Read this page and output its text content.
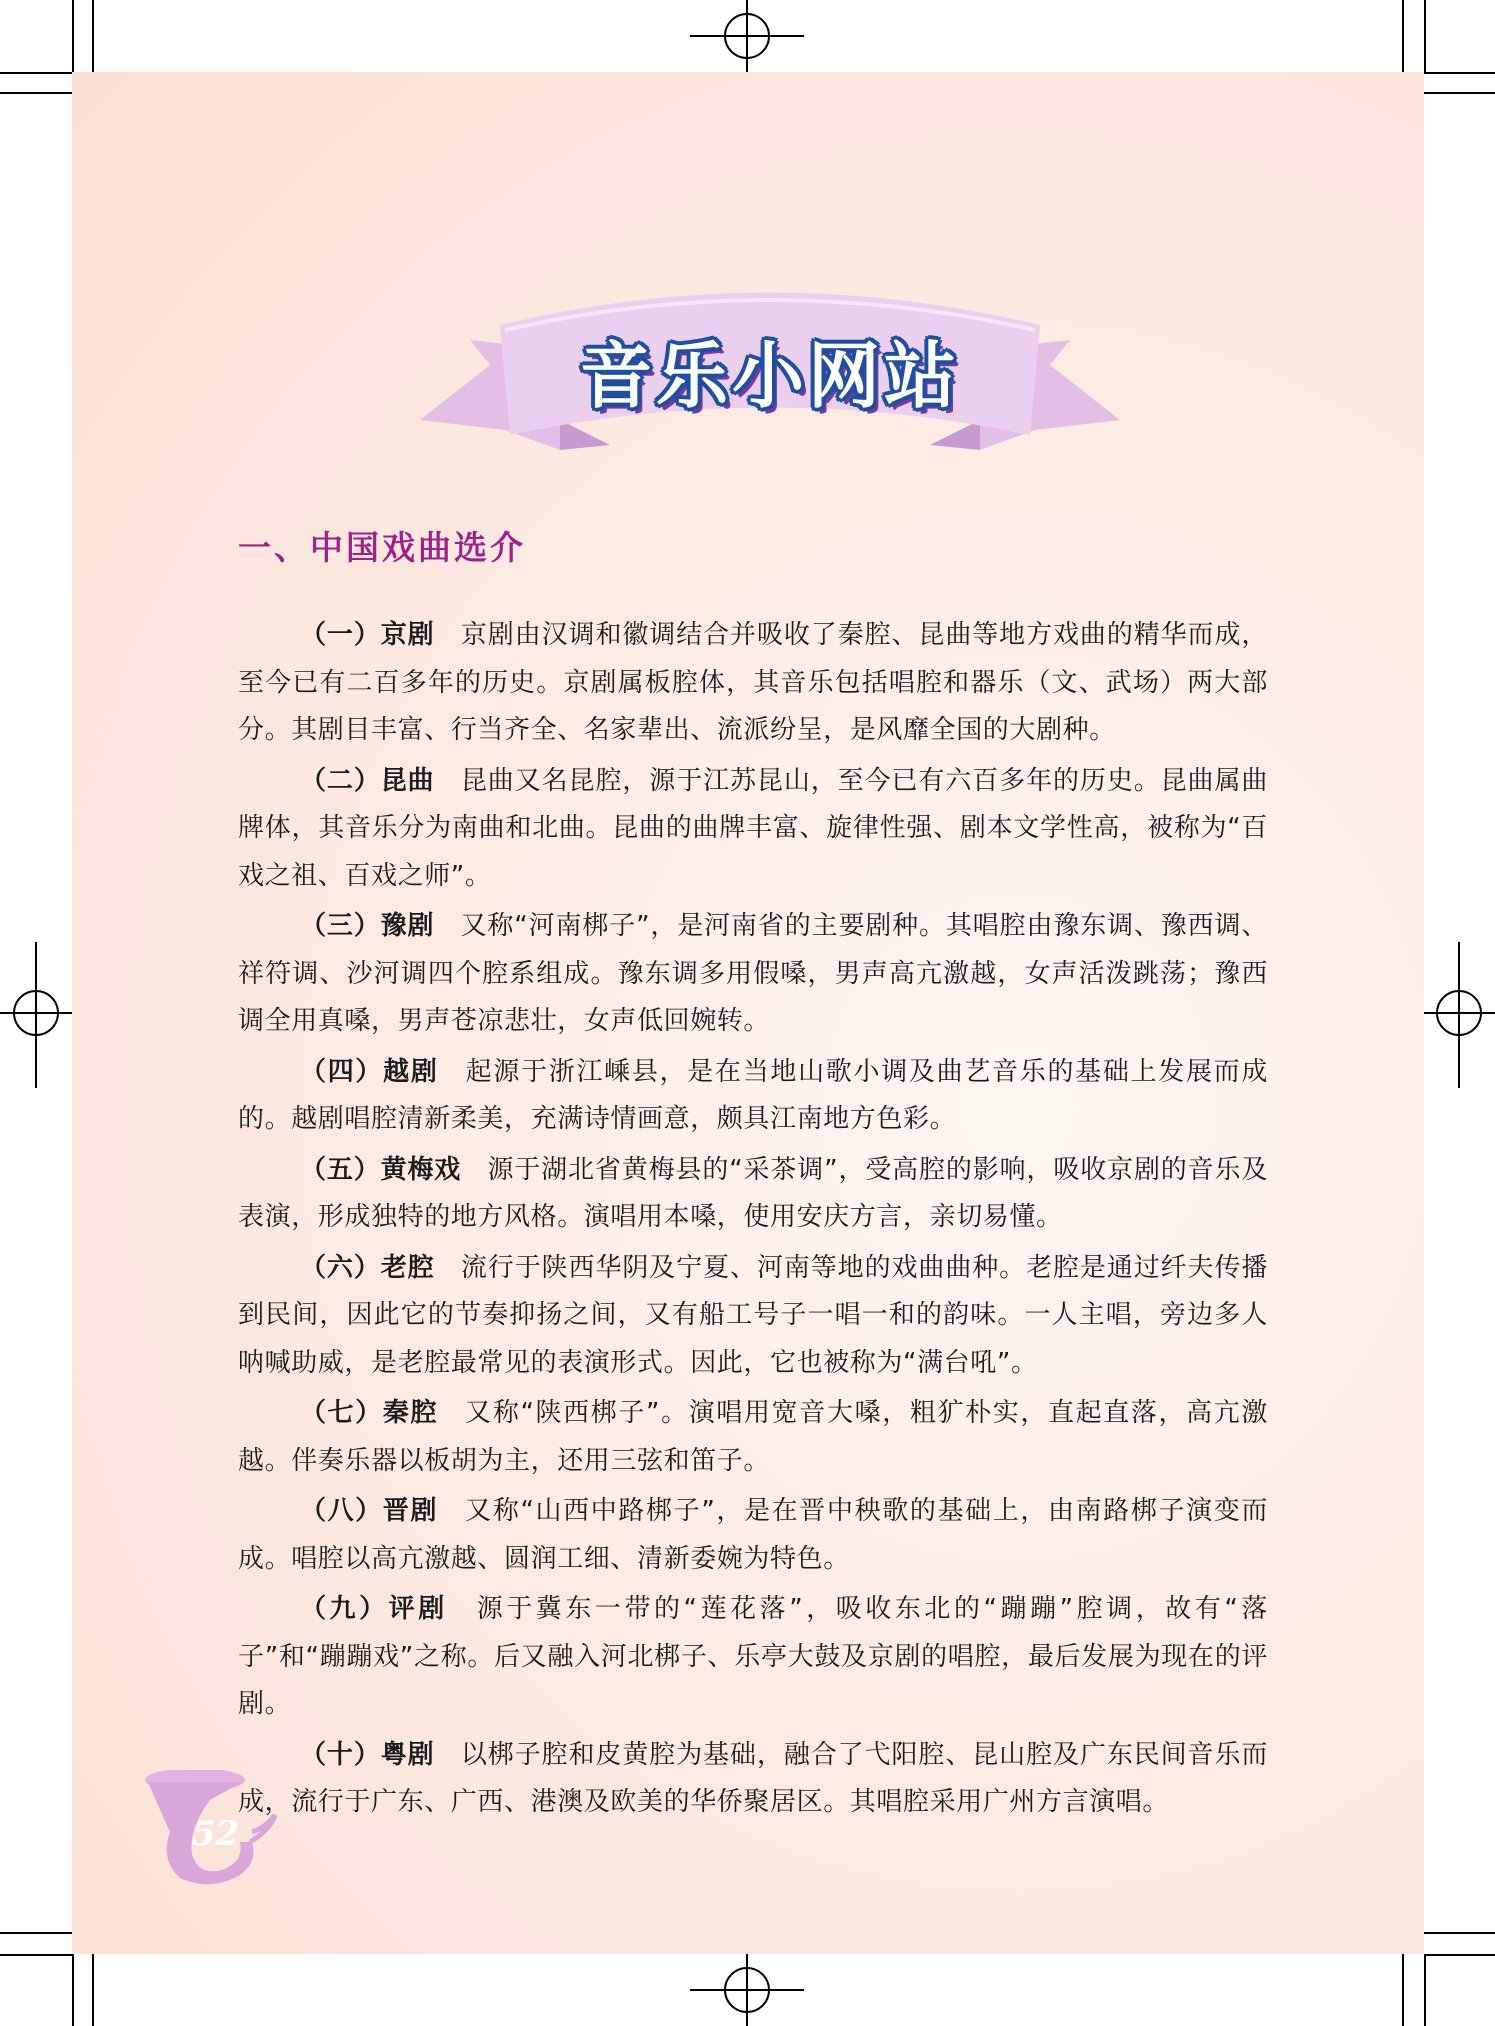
音乐小网站
一、中国戏曲选介

（一）京剧 京剧由汉调和徽调结合并吸收了秦腔、昆曲等地方戏曲的精华而成，至今已有二百多年的历史。京剧属板腔体，其音乐包括唱腔和器乐（文、武场）两大部分。其剧目丰富、行当齐全、名家辈出、流派纷呈，是风靡全国的大剧种。

（二）昆曲 昆曲又名昆腔，源于江苏昆山，至今已有六百多年的历史。昆曲属曲牌体，其音乐分为南曲和北曲。昆曲的曲牌丰富、旋律性强、剧本文学性高，被称为“百戏之祖、百戏之师”。

（三）豫剧 又称“河南梆子”，是河南省的主要剧种。其唱腔由豫东调、豫西调、祥符调、沙河调四个腔系组成。豫东调多用假嗓，男声高亢激越，女声活泼跳荡；豫西调全用真嗓，男声苍凉悲壮，女声低回婉转。

（四）越剧 起源于浙江嵊县，是在当地山歌小调及曲艺音乐的基础上发展而成的。越剧唱腔清新柔美，充满诗情画意，颇具江南地方色彩。

（五）黄梅戏 源于湖北省黄梅县的“采茶调”，受高腔的影响，吸收京剧的音乐及表演，形成独特的地方风格。演唱用本嗓，使用安庆方言，亲切易懂。

（六）老腔 流行于陕西华阴及宁夏、河南等地的戏曲曲种。老腔是通过纤夫传播到民间，因此它的节奏抑扬之间，又有船工号子一唱一和的韵味。一人主唱，旁边多人呐喊助威，是老腔最常见的表演形式。因此，它也被称为“满台吼”。

（七）秦腔 又称“陕西梆子”。演唱用宽音大嗓，粗犷朴实，直起直落，高亢激越。伴奏乐器以板胡为主，还用三弦和笛子。

（八）晋剧 又称“山西中路梆子”，是在晋中秧歌的基础上，由南路梆子演变而成。唱腔以高亢激越、圆润工细、清新委婉为特色。

（九）评剧 源于冀东一带的“莲花落”，吸收东北的“蹦蹦”腔调，故有“落子”和“蹦蹦戏”之称。后又融入河北梆子、乐亭大鼓及京剧的唱腔，最后发展为现在的评剧。

（十）粤剧 以梆子腔和皮黄腔为基础，融合了弋阳腔、昆山腔及广东民间音乐而成，流行于广东、广西、港澳及欧美的华侨聚居区。其唱腔采用广州方言演唱。

52
